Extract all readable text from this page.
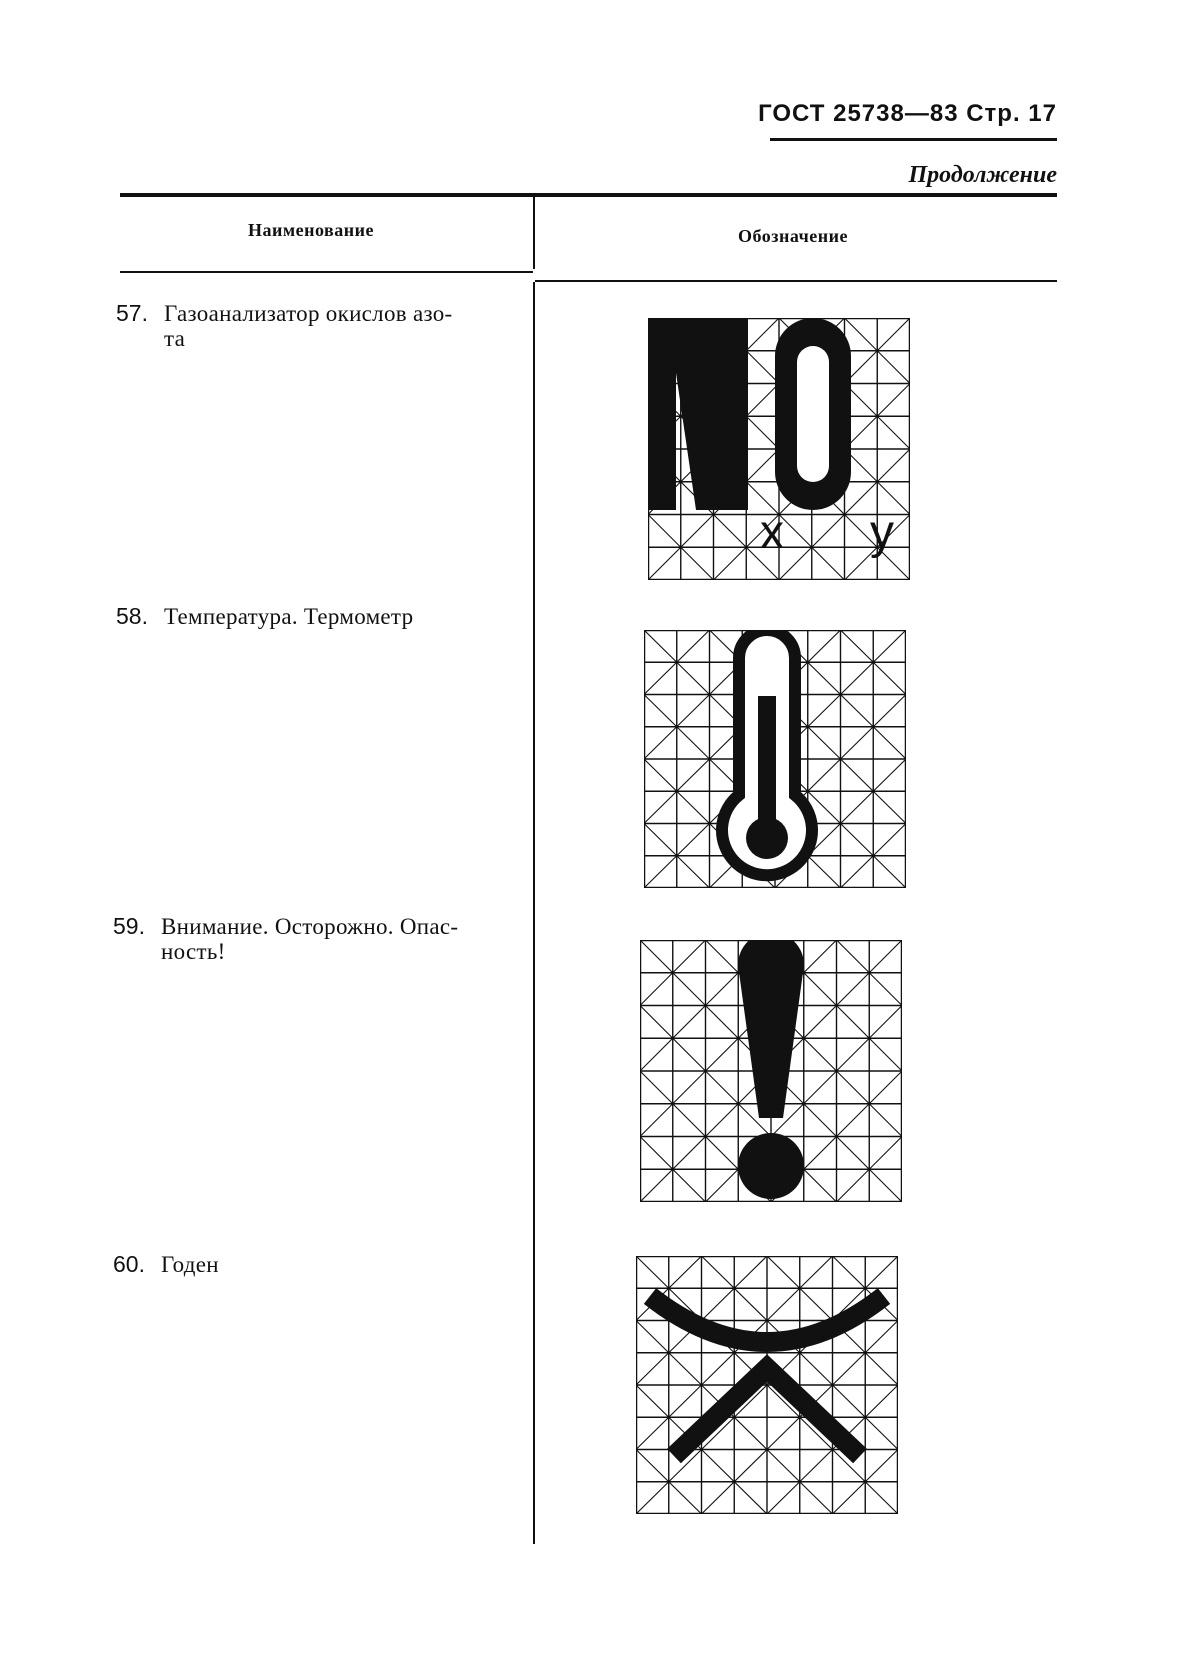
ГОСТ 25738—83 Стр. 17
Продолжение
Наименование	Обозначение
57. Газоанализатор окислов азо-
та
x y
58. Температура. Термометр
59. Внимание. Осторожно. Опас-
ность!
60. Годен
